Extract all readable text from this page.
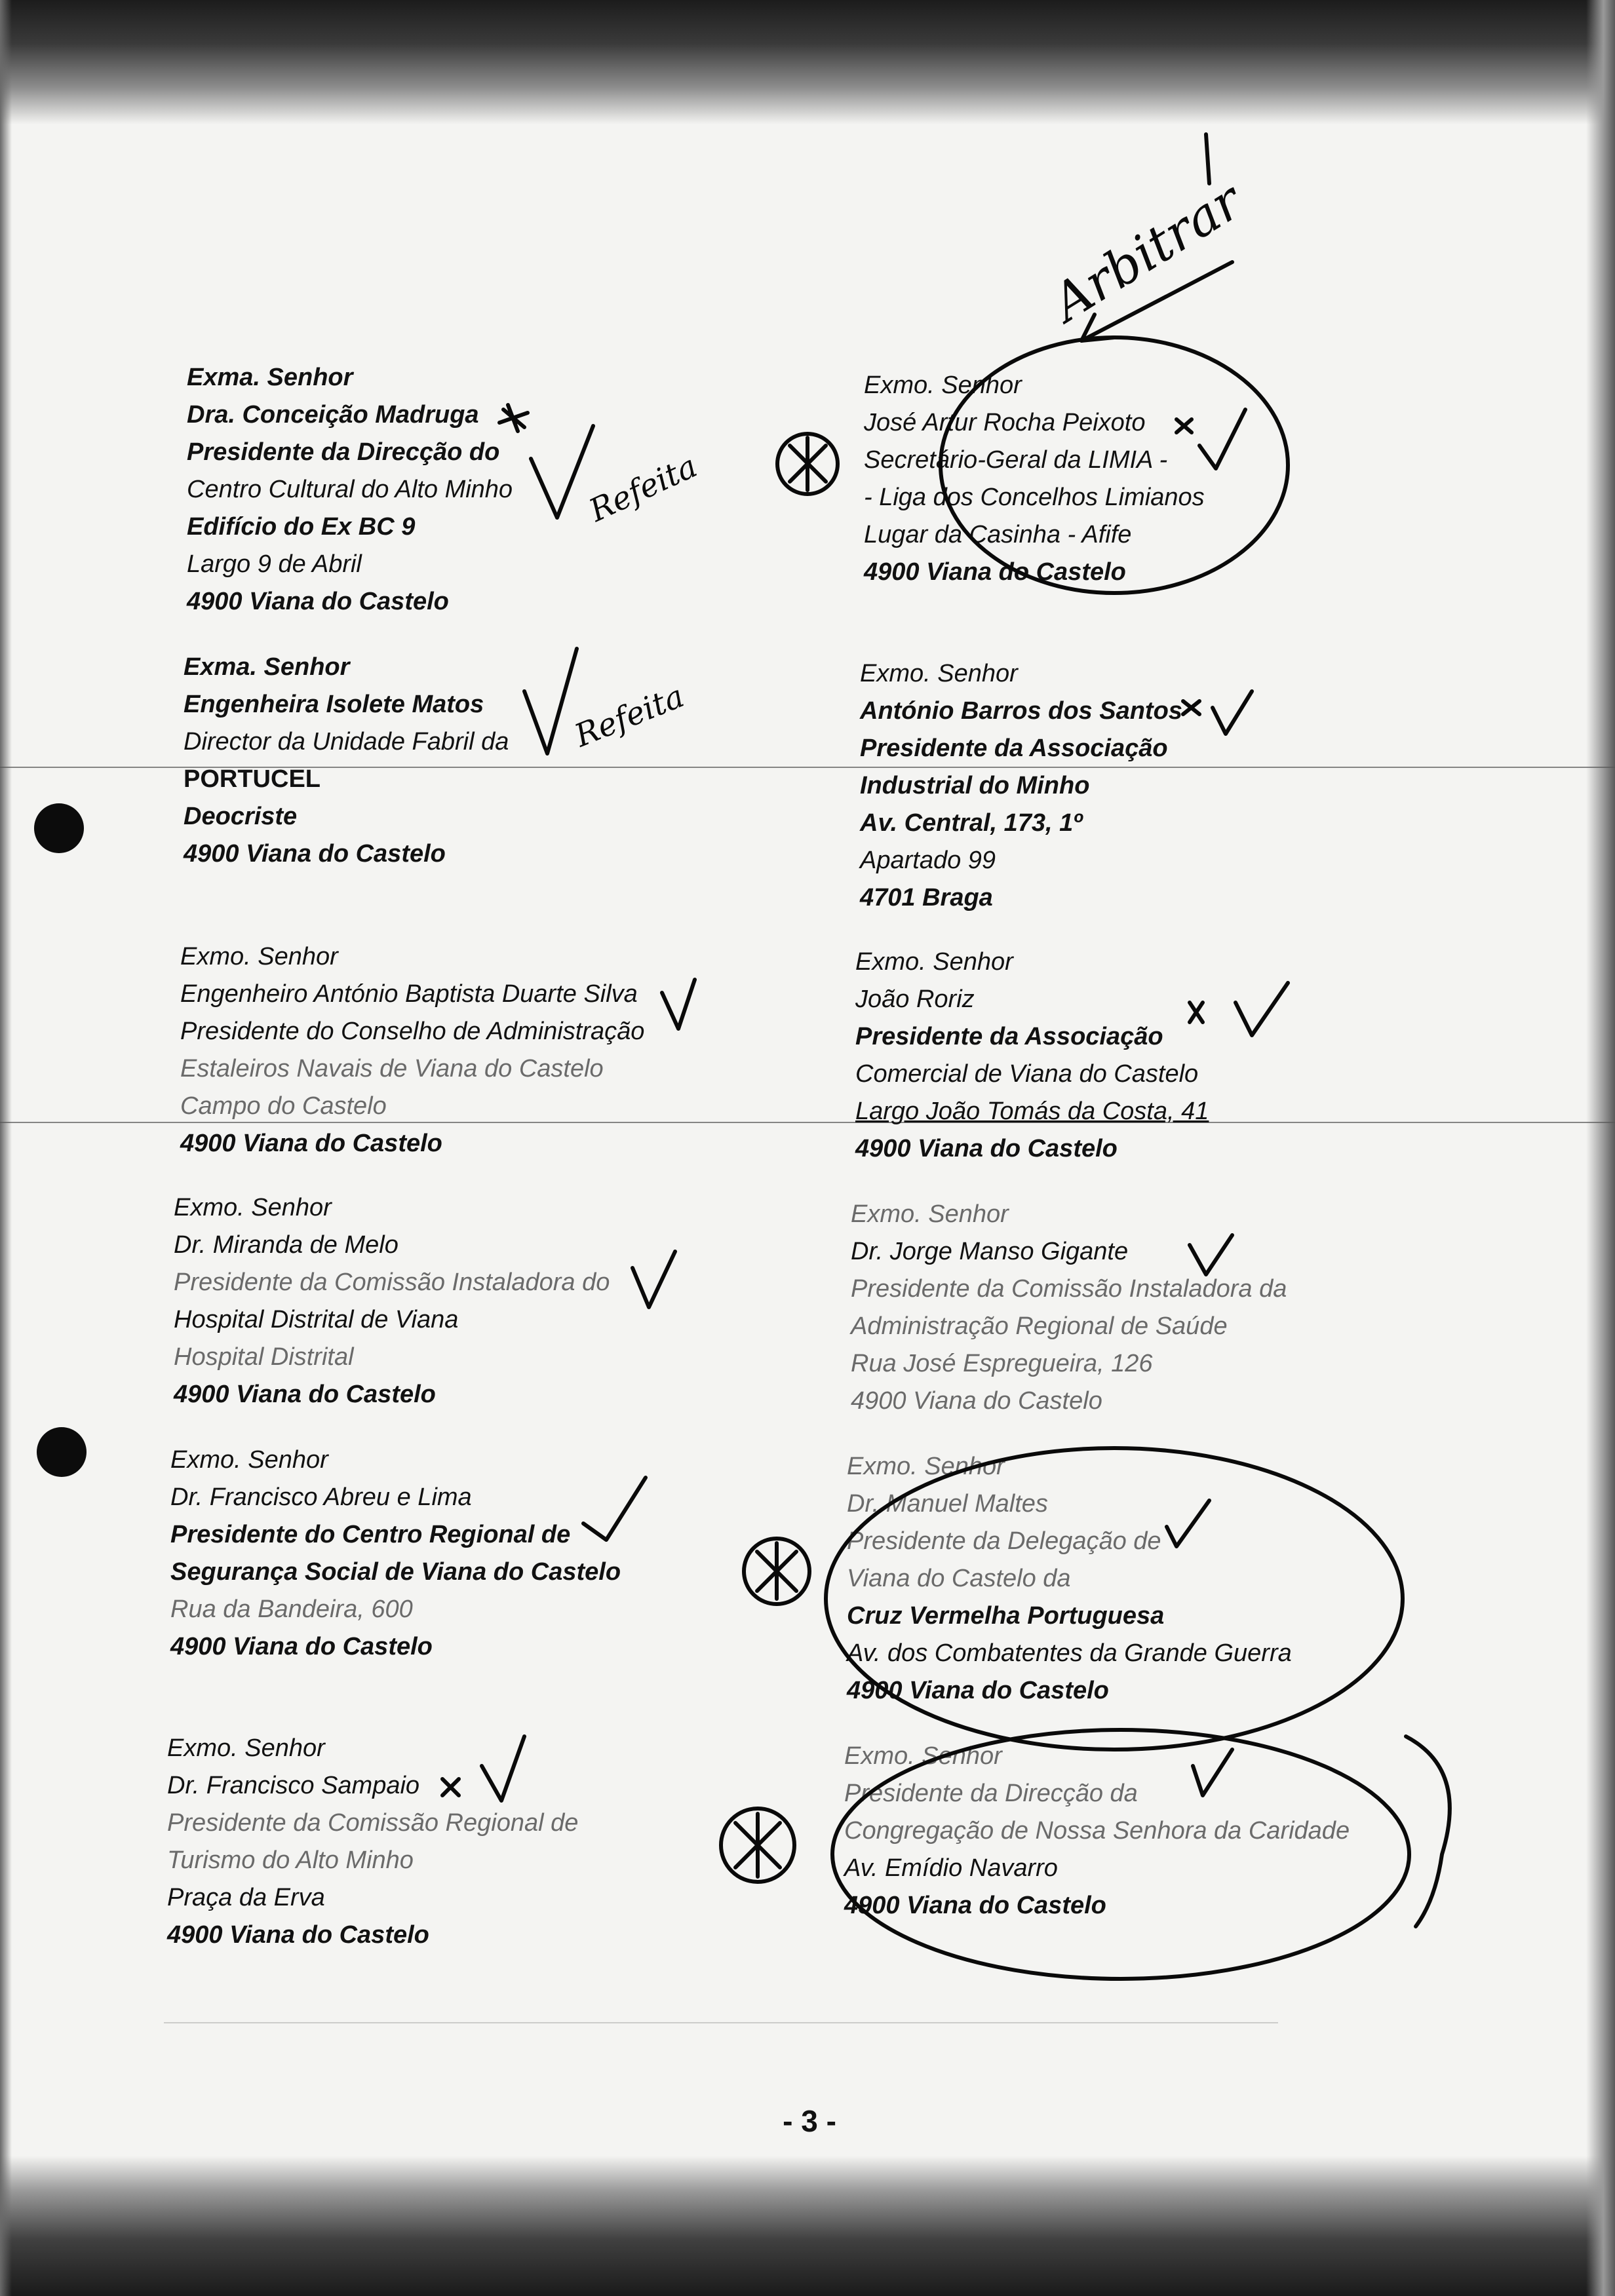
Exma. Senhor
Dra. Conceição Madruga
Presidente da Direcção do
Centro Cultural do Alto Minho
Edifício do Ex BC 9
Largo 9 de Abril
4900 Viana do Castelo
Exma. Senhor
Engenheira Isolete Matos
Director da Unidade Fabril da
PORTUCEL
Deocriste
4900 Viana do Castelo
Exmo. Senhor
Engenheiro António Baptista Duarte Silva
Presidente do Conselho de Administração
Estaleiros Navais de Viana do Castelo
Campo do Castelo
4900 Viana do Castelo
Exmo. Senhor
Dr. Miranda de Melo
Presidente da Comissão Instaladora do
Hospital Distrital de Viana
Hospital Distrital
4900 Viana do Castelo
Exmo. Senhor
Dr. Francisco Abreu e Lima
Presidente do Centro Regional de
Segurança Social de Viana do Castelo
Rua da Bandeira, 600
4900 Viana do Castelo
Exmo. Senhor
Dr. Francisco Sampaio
Presidente da Comissão Regional de
Turismo do Alto Minho
Praça da Erva
4900 Viana do Castelo
Exmo. Senhor
José Artur Rocha Peixoto
Secretário-Geral da LIMIA -
- Liga dos Concelhos Limianos
Lugar da Casinha - Afife
4900 Viana do Castelo
Exmo. Senhor
António Barros dos Santos
Presidente da Associação
Industrial do Minho
Av. Central, 173, 1º
Apartado 99
4701 Braga
Exmo. Senhor
João Roriz
Presidente da Associação
Comercial de Viana do Castelo
Largo João Tomás da Costa, 41
4900 Viana do Castelo
Exmo. Senhor
Dr. Jorge Manso Gigante
Presidente da Comissão Instaladora da
Administração Regional de Saúde
Rua José Espregueira, 126
4900 Viana do Castelo
Exmo. Senhor
Dr. Manuel Maltes
Presidente da Delegação de
Viana do Castelo da
Cruz Vermelha Portuguesa
Av. dos Combatentes da Grande Guerra
4900 Viana do Castelo
Exmo. Senhor
Presidente da Direcção da
Congregação de Nossa Senhora da Caridade
Av. Emídio Navarro
4900 Viana do Castelo
Arbitrar
Refeita
Refeita
- 3 -
